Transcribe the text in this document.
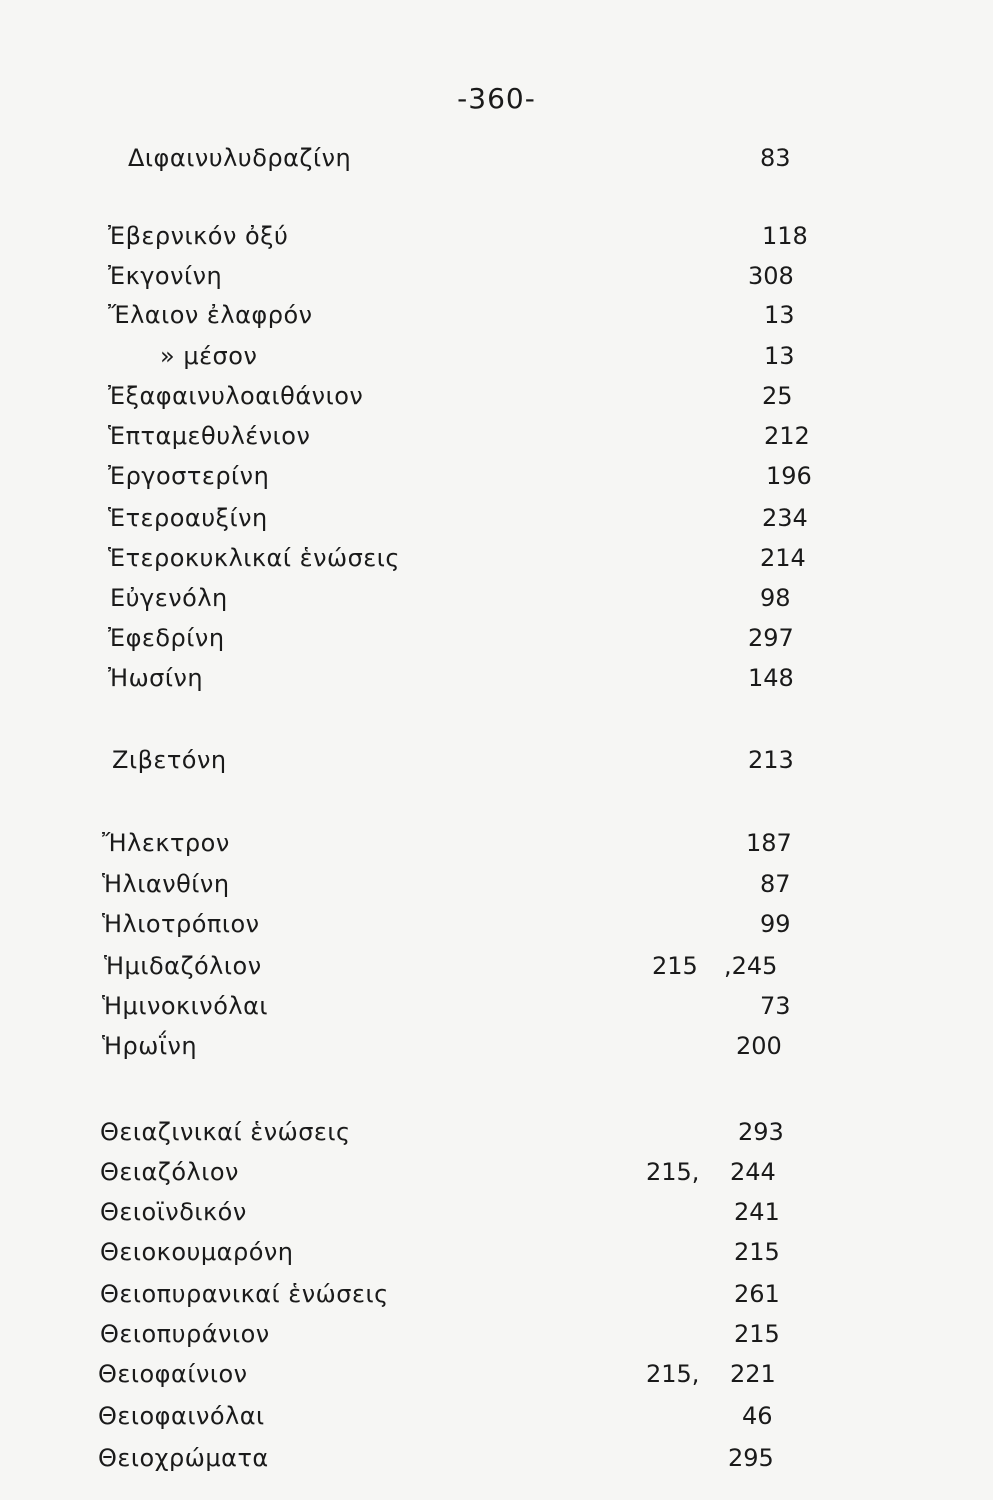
-360-
Διφαινυλυδραζίνη	83
Ἐβερνικόν ὀξύ	118
Ἐκγονίνη	308
Ἔλαιον ἐλαφρόν	13
» μέσον	13
Ἐξαφαινυλοαιθάνιον	25
Ἑπταμεθυλένιον	212
Ἐργοστερίνη	196
Ἑτεροαυξίνη	234
Ἑτεροκυκλικαί ἑνώσεις	214
Εὐγενόλη	98
Ἐφεδρίνη	297
Ἠωσίνη	148
Ζιβετόνη	213
Ἤλεκτρον	187
Ἡλιανθίνη	87
Ἡλιοτρόπιον	99
Ἡμιδαζόλιον	215 ,245
Ἡμινοκινόλαι	73
Ἡρωΐνη	200
Θειαζινικαί ἑνώσεις	293
Θειαζόλιον	215, 244
Θειοϊνδικόν	241
Θειοκουμαρόνη	215
Θειοπυρανικαί ἑνώσεις	261
Θειοπυράνιον	215
Θειοφαίνιον	215, 221
Θειοφαινόλαι	46
Θειοχρώματα	295
